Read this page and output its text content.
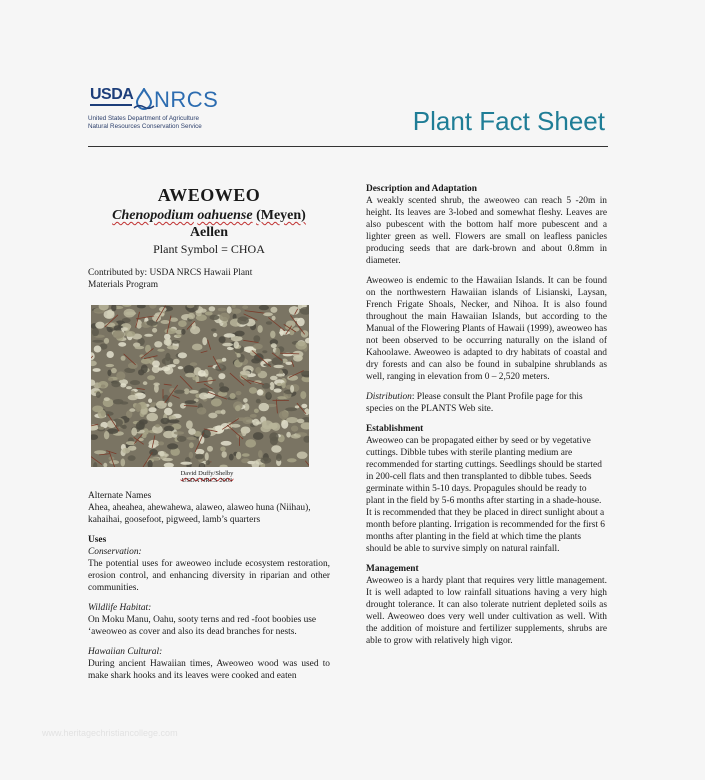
USDA NRCS
United States Department of Agriculture
Natural Resources Conservation Service	Plant Fact Sheet
AWEOWEO
Chenopodium oahuense (Meyen)
Aellen
Plant Symbol = CHOA
Contributed by: USDA NRCS Hawaii Plant Materials Program
David Duffy/Shelby
USDA NRCS 2003
Alternate Names

Ahea, aheahea, ahewahewa, alaweo, alaweo huna (Niihau), kahaihai, goosefoot, pigweed, lamb’s quarters

Uses
Conservation:

The potential uses for aweoweo include ecosystem restoration, erosion control, and enhancing diversity in riparian and other communities.

Wildlife Habitat:

On Moku Manu, Oahu, sooty terns and red -foot boobies use ‘aweoweo as cover and also its dead branches for nests.

Hawaiian Cultural:

During ancient Hawaiian times, Aweoweo wood was used to make shark hooks and its leaves were cooked and eaten

Description and Adaptation

A weakly scented shrub, the aweoweo can reach 5 -20m in height. Its leaves are 3-lobed and somewhat fleshy. Leaves are also pubescent with the bottom half more pubescent and a lighter green as well. Flowers are small on leafless panicles producing seeds that are dark-brown and about 0.8mm in diameter.

Aweoweo is endemic to the Hawaiian Islands. It can be found on the northwestern Hawaiian islands of Lisianski, Laysan, French Frigate Shoals, Necker, and Nihoa. It is also found throughout the main Hawaiian Islands, but according to the Manual of the Flowering Plants of Hawaii (1999), aweoweo has not been observed to be occurring naturally on the island of Kahoolawe. Aweoweo is adapted to dry habitats of coastal and dry forests and can also be found in subalpine shrublands as well, ranging in elevation from 0 – 2,520 meters.

Distribution: Please consult the Plant Profile page for this species on the PLANTS Web site.

Establishment

Aweoweo can be propagated either by seed or by vegetative cuttings. Dibble tubes with sterile planting medium are recommended for starting cuttings. Seedlings should be started in 200-cell flats and then transplanted to dibble tubes. Seeds germinate within 5-10 days. Propagules should be ready to plant in the field by 5-6 months after starting in a shade-house. It is recommended that they be placed in direct sunlight about a month before planting. Irrigation is recommended for the first 6 months after planting in the field at which time the plants should be able to survive simply on natural rainfall.

Management

Aweoweo is a hardy plant that requires very little management. It is well adapted to low rainfall situations having a very high drought tolerance. It can also tolerate nutrient depleted soils as well. Aweoweo does very well under cultivation as well. With the addition of moisture and fertilizer supplements, shrubs are able to grow with relatively high vigor.

www.heritagechristiancollege.com
